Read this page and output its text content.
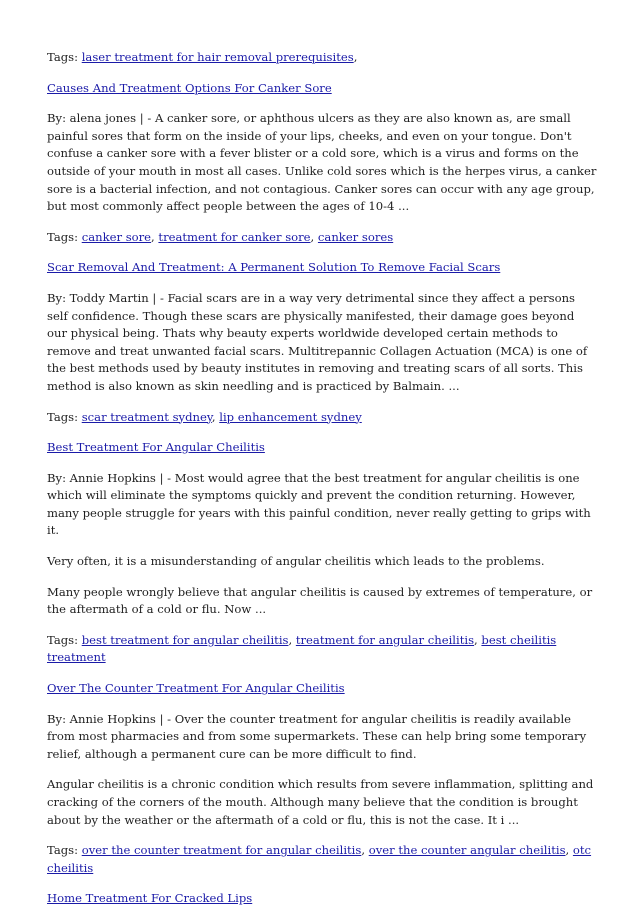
Tags: laser treatment for hair removal prerequisites,

Causes And Treatment Options For Canker Sore

By: alena jones | - A canker sore, or aphthous ulcers as they are also known as, are small painful sores that form on the inside of your lips, cheeks, and even on your tongue. Don't confuse a canker sore with a fever blister or a cold sore, which is a virus and forms on the outside of your mouth in most all cases. Unlike cold sores which is the herpes virus, a canker sore is a bacterial infection, and not contagious. Canker sores can occur with any age group, but most commonly affect people between the ages of 10-4 ...

Tags: canker sore, treatment for canker sore, canker sores

Scar Removal And Treatment: A Permanent Solution To Remove Facial Scars

By: Toddy Martin | - Facial scars are in a way very detrimental since they affect a persons self confidence. Though these scars are physically manifested, their damage goes beyond our physical being. Thats why beauty experts worldwide developed certain methods to remove and treat unwanted facial scars. Multitrepannic Collagen Actuation (MCA) is one of the best methods used by beauty institutes in removing and treating scars of all sorts. This method is also known as skin needling and is practiced by Balmain. ...

Tags: scar treatment sydney, lip enhancement sydney

Best Treatment For Angular Cheilitis

By: Annie Hopkins | - Most would agree that the best treatment for angular cheilitis is one which will eliminate the symptoms quickly and prevent the condition returning. However, many people struggle for years with this painful condition, never really getting to grips with it.

Very often, it is a misunderstanding of angular cheilitis which leads to the problems.

Many people wrongly believe that angular cheilitis is caused by extremes of temperature, or the aftermath of a cold or flu. Now ...

Tags: best treatment for angular cheilitis, treatment for angular cheilitis, best cheilitis treatment

Over The Counter Treatment For Angular Cheilitis

By: Annie Hopkins | - Over the counter treatment for angular cheilitis is readily available from most pharmacies and from some supermarkets. These can help bring some temporary relief, although a permanent cure can be more difficult to find.

Angular cheilitis is a chronic condition which results from severe inflammation, splitting and cracking of the corners of the mouth. Although many believe that the condition is brought about by the weather or the aftermath of a cold or flu, this is not the case. It i ...

Tags: over the counter treatment for angular cheilitis, over the counter angular cheilitis, otc cheilitis

Home Treatment For Cracked Lips
